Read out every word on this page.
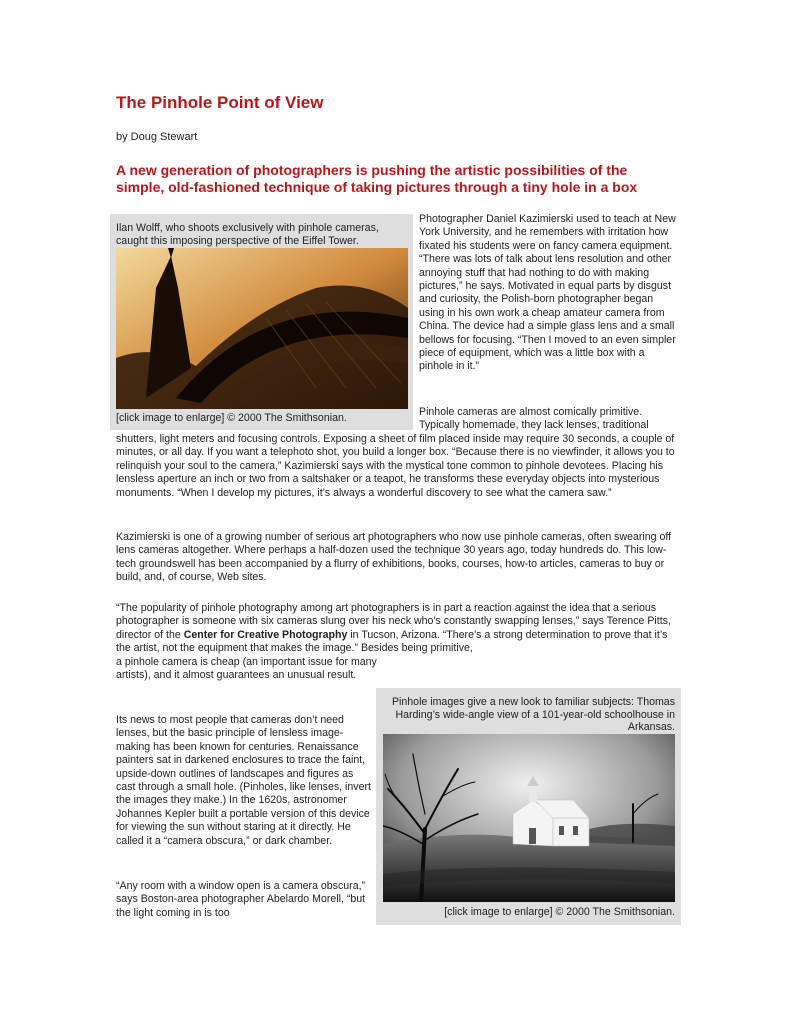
The Pinhole Point of View
by Doug Stewart
A new generation of photographers is pushing the artistic possibilities of the simple, old-fashioned technique of taking pictures through a tiny hole in a box
Ilan Wolff, who shoots exclusively with pinhole cameras, caught this imposing perspective of the Eiffel Tower.
[click image to enlarge] © 2000 The Smithsonian.

Photographer Daniel Kazimierski used to teach at New York University, and he remembers with irritation how fixated his students were on fancy camera equipment. “There was lots of talk about lens resolution and other annoying stuff that had nothing to do with making pictures,” he says. Motivated in equal parts by disgust and curiosity, the Polish-born photographer began using in his own work a cheap amateur camera from China. The device had a simple glass lens and a small bellows for focusing. “Then I moved to an even simpler piece of equipment, which was a little box with a pinhole in it.”

Pinhole cameras are almost comically primitive. Typically homemade, they lack lenses, traditional

shutters, light meters and focusing controls. Exposing a sheet of film placed inside may require 30 seconds, a couple of minutes, or all day. If you want a telephoto shot, you build a longer box. “Because there is no viewfinder, it allows you to relinquish your soul to the camera,” Kazimierski says with the mystical tone common to pinhole devotees. Placing his lensless aperture an inch or two from a saltshaker or a teapot, he transforms these everyday objects into mysterious monuments. “When I develop my pictures, it’s always a wonderful discovery to see what the camera saw.”

Kazimierski is one of a growing number of serious art photographers who now use pinhole cameras, often swearing off lens cameras altogether. Where perhaps a half-dozen used the technique 30 years ago, today hundreds do. This low-tech groundswell has been accompanied by a flurry of exhibitions, books, courses, how-to articles, cameras to buy or build, and, of course, Web sites.

“The popularity of pinhole photography among art photographers is in part a reaction against the idea that a serious photographer is someone with six cameras slung over his neck who’s constantly swapping lenses,” says Terence Pitts, director of the Center for Creative Photography in Tucson, Arizona. “There’s a strong determination to prove that it’s the artist, not the equipment that makes the image.” Besides being primitive,

a pinhole camera is cheap (an important issue for many artists), and it almost guarantees an unusual result.

Its news to most people that cameras don’t need lenses, but the basic principle of lensless image-making has been known for centuries. Renaissance painters sat in darkened enclosures to trace the faint, upside-down outlines of landscapes and figures as cast through a small hole. (Pinholes, like lenses, invert the images they make.) In the 1620s, astronomer Johannes Kepler built a portable version of this device for viewing the sun without staring at it directly. He called it a “camera obscura,” or dark chamber.

“Any room with a window open is a camera obscura,” says Boston-area photographer Abelardo Morell, “but the light coming in is too

Pinhole images give a new look to familiar subjects: Thomas Harding’s wide-angle view of a 101-year-old schoolhouse in Arkansas.
[click image to enlarge] © 2000 The Smithsonian.
